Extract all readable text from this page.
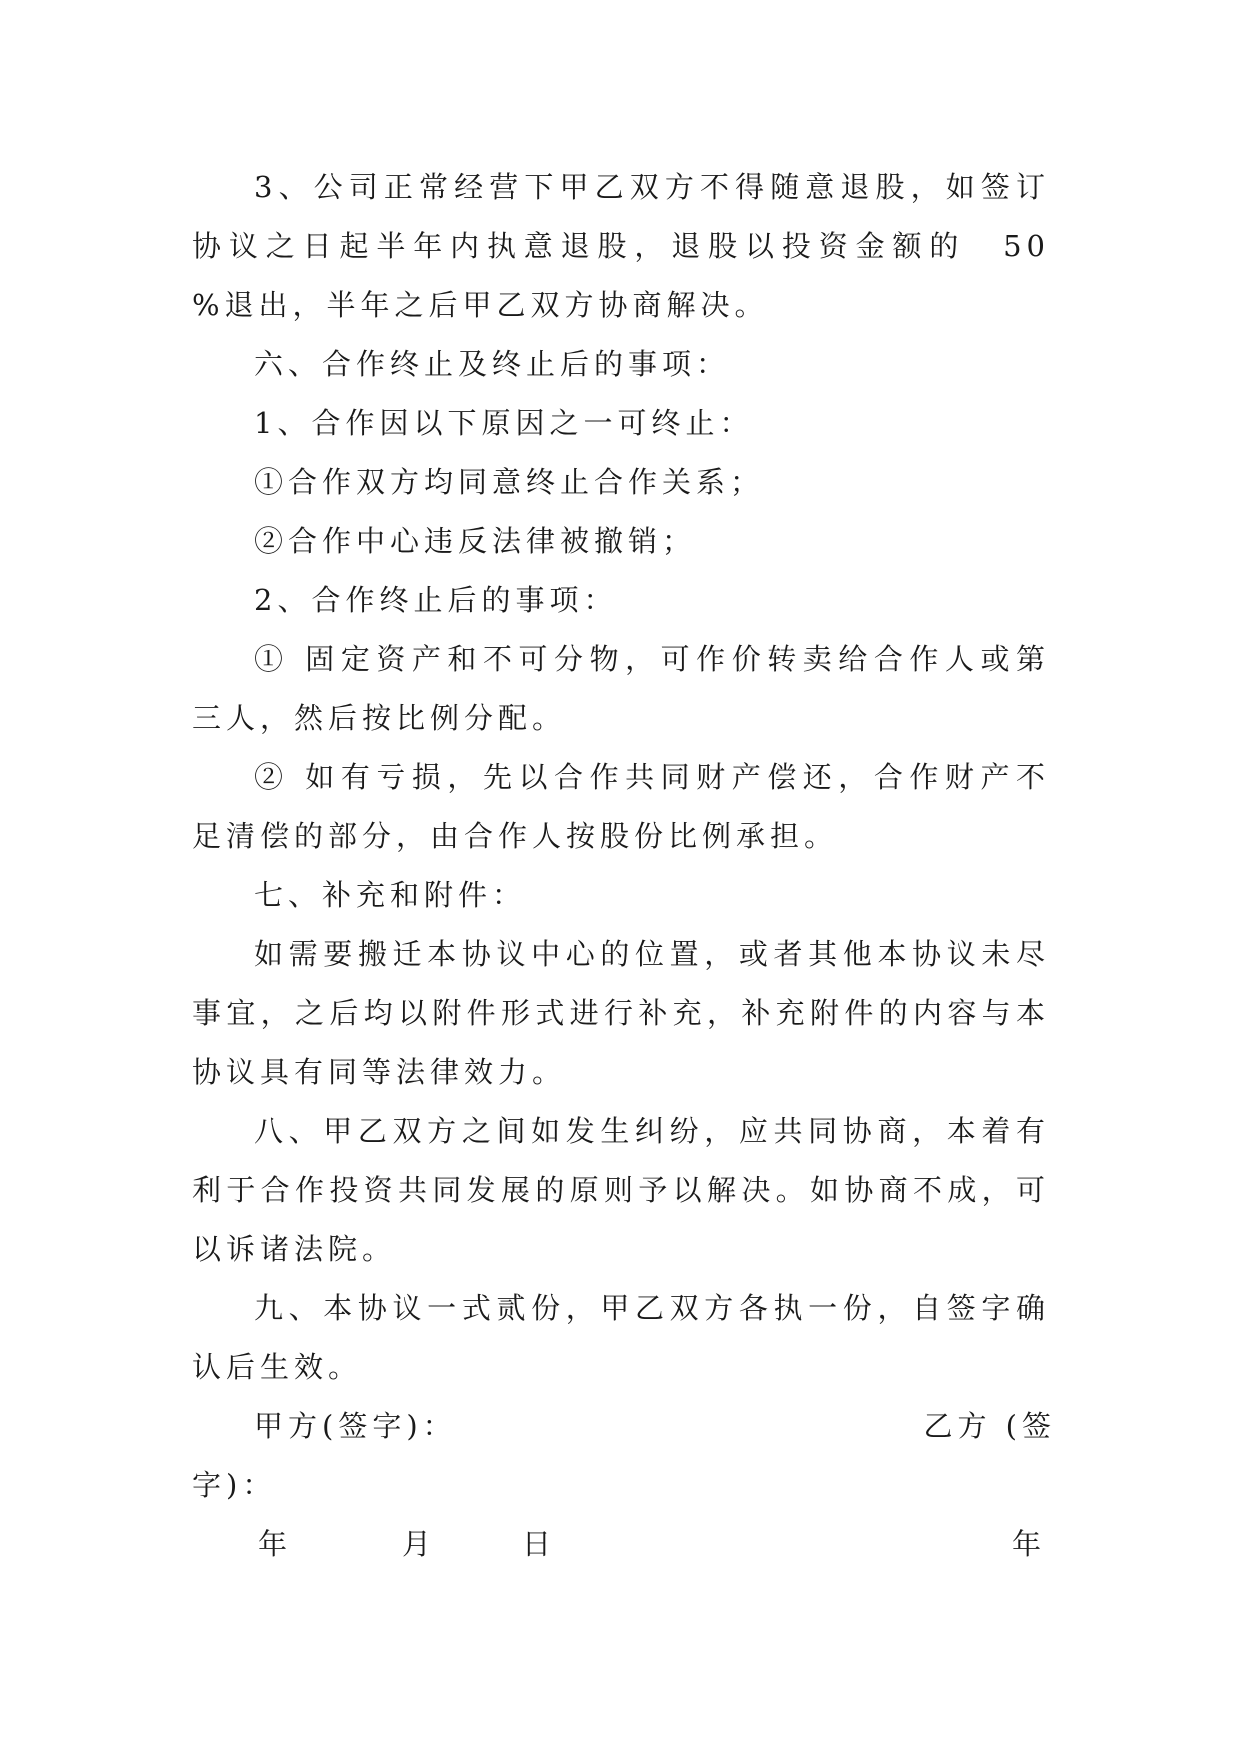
3、公司正常经营下甲乙双方不得随意退股，如签订协议之日起半年内执意退股，退股以投资金额的　50　%退出，半年之后甲乙双方协商解决。

六、合作终止及终止后的事项：

1、合作因以下原因之一可终止：

①合作双方均同意终止合作关系；

②合作中心违反法律被撤销；

2、合作终止后的事项：

① 固定资产和不可分物，可作价转卖给合作人或第三人，然后按比例分配。

② 如有亏损，先以合作共同财产偿还，合作财产不足清偿的部分，由合作人按股份比例承担。

七、补充和附件：

如需要搬迁本协议中心的位置，或者其他本协议未尽事宜，之后均以附件形式进行补充，补充附件的内容与本协议具有同等法律效力。

八、甲乙双方之间如发生纠纷，应共同协商，本着有利于合作投资共同发展的原则予以解决。如协商不成，可以诉诸法院。

九、本协议一式贰份，甲乙双方各执一份，自签字确认后生效。

甲方(签字)：	乙方 (签
字)：
年	月	日	年
